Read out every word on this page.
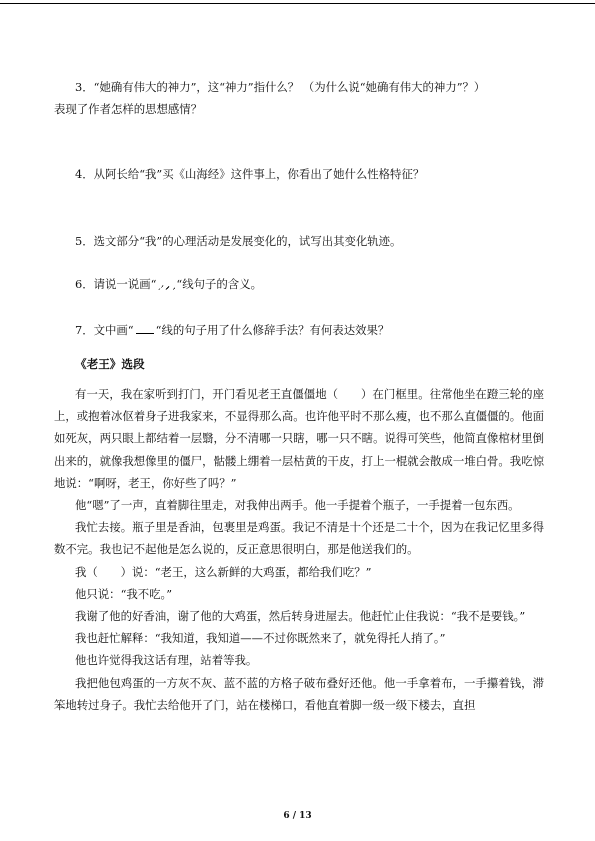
3．“她确有伟大的神力”，这“神力”指什么？ （为什么说“她确有伟大的神力”？）
表现了作者怎样的思想感情？

4．从阿长给“我”买《山海经》这件事上，你看出了她什么性格特征？

5．选文部分“我”的心理活动是发展变化的，试写出其变化轨迹。

6．请说一说画“ “线句子的含义。

7．文中画“ “线的句子用了什么修辞手法？有何表达效果？

《老王》选段

有一天，我在家听到打门，开门看见老王直僵僵地（　　）在门框里。往常他坐在蹬三轮的座上，或抱着冰伛着身子进我家来，不显得那么高。也许他平时不那么瘦，也不那么直僵僵的。他面如死灰，两只眼上都结着一层翳，分不清哪一只瞎，哪一只不瞎。说得可笑些，他简直像棺材里倒出来的，就像我想像里的僵尸，骷髅上绷着一层枯黄的干皮，打上一棍就会散成一堆白骨。我吃惊地说：“啊呀，老王，你好些了吗？”

他“嗯”了一声，直着脚往里走，对我伸出两手。他一手提着个瓶子，一手提着一包东西。

我忙去接。瓶子里是香油，包裹里是鸡蛋。我记不清是十个还是二十个，因为在我记忆里多得数不完。我也记不起他是怎么说的，反正意思很明白，那是他送我们的。

我（　　）说：“老王，这么新鲜的大鸡蛋，都给我们吃？”

他只说：“我不吃。”

我谢了他的好香油，谢了他的大鸡蛋，然后转身进屋去。他赶忙止住我说：“我不是要钱。”

我也赶忙解释：“我知道，我知道——不过你既然来了，就免得托人捎了。”

他也许觉得我这话有理，站着等我。

我把他包鸡蛋的一方灰不灰、蓝不蓝的方格子破布叠好还他。他一手拿着布，一手攥着钱，滞笨地转过身子。我忙去给他开了门，站在楼梯口，看他直着脚一级一级下楼去，直担

6 / 13
